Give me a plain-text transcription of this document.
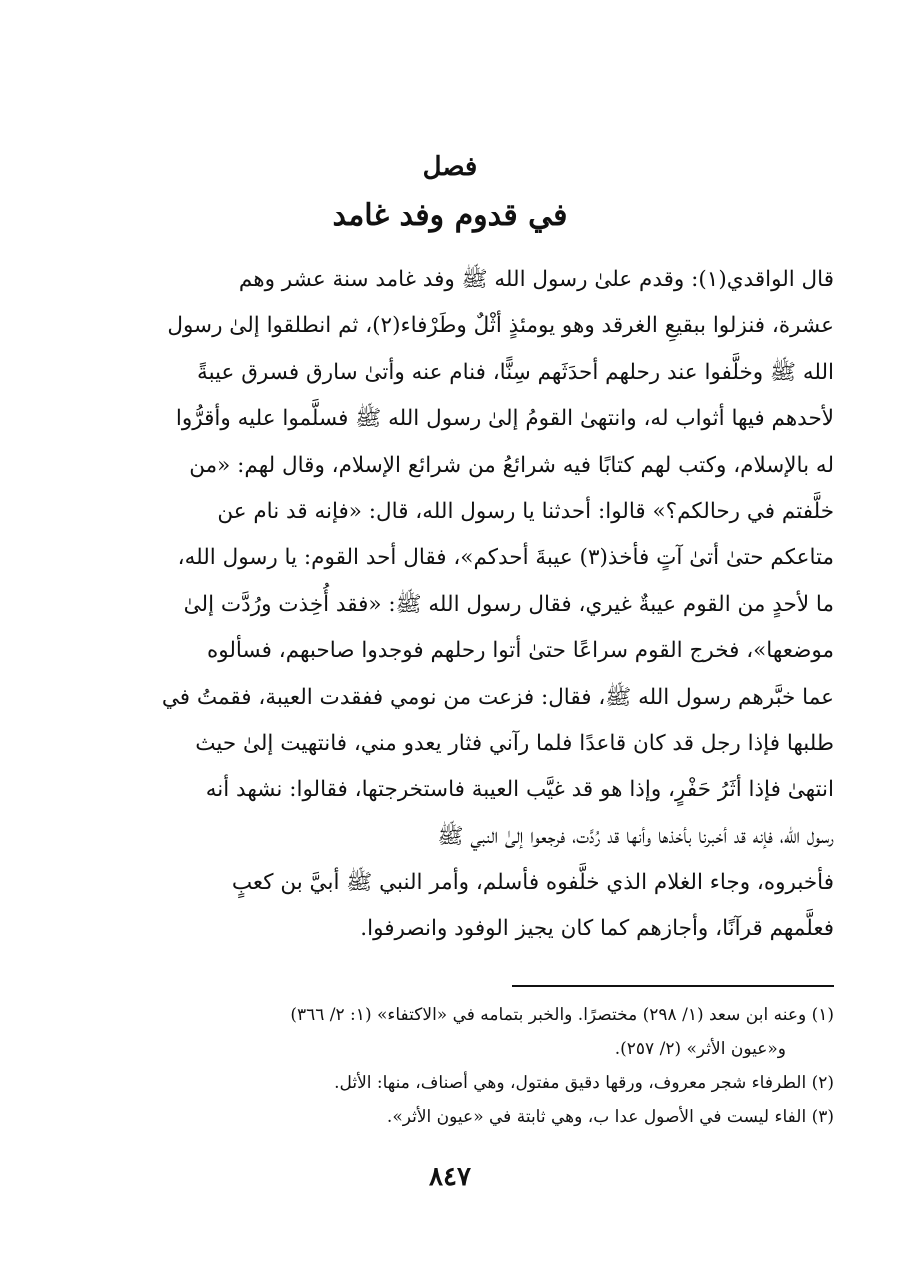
فصل
في قدوم وفد غامد
قال الواقدي(١): وقدم علىٰ رسول الله ﷺ وفد غامد سنة عشر وهم
عشرة، فنزلوا ببقيعِ الغرقد وهو يومئذٍ أثْلٌ وطَرْفاء(٢)، ثم انطلقوا إلىٰ رسول
الله ﷺ وخلَّفوا عند رحلهم أحدَثَهم سِنًّا، فنام عنه وأتىٰ سارق فسرق عيبةً
لأحدهم فيها أثواب له، وانتهىٰ القومُ إلىٰ رسول الله ﷺ فسلَّموا عليه وأقرُّوا
له بالإسلام، وكتب لهم كتابًا فيه شرائعُ من شرائع الإسلام، وقال لهم: «من
خلَّفتم في رحالكم؟» قالوا: أحدثنا يا رسول الله، قال: «فإنه قد نام عن
متاعكم حتىٰ أتىٰ آتٍ فأخذ(٣) عيبةَ أحدكم»، فقال أحد القوم: يا رسول الله،
ما لأحدٍ من القوم عيبةٌ غيري، فقال رسول الله ﷺ: «فقد أُخِذت ورُدَّت إلىٰ
موضعها»، فخرج القوم سراعًا حتىٰ أتوا رحلهم فوجدوا صاحبهم، فسألوه
عما خبَّرهم رسول الله ﷺ، فقال: فزعت من نومي ففقدت العيبة، فقمتُ في
طلبها فإذا رجل قد كان قاعدًا فلما رآني فثار يعدو مني، فانتهيت إلىٰ حيث
انتهىٰ فإذا أثَرُ حَفْرٍ، وإذا هو قد غيَّب العيبة فاستخرجتها، فقالوا: نشهد أنه
رسول الله، فإنه قد أخبرنا بأخذها وأنها قد رُدَّت، فرجعوا إلىٰ النبي ﷺ
فأخبروه، وجاء الغلام الذي خلَّفوه فأسلم، وأمر النبي ﷺ أبيَّ بن كعبٍ
فعلَّمهم قرآنًا، وأجازهم كما كان يجيز الوفود وانصرفوا.
(١) وعنه ابن سعد (١/ ٢٩٨) مختصرًا. والخبر بتمامه في «الاكتفاء» (١: ٢/ ٣٦٦)
و«عيون الأثر» (٢/ ٢٥٧).
(٢) الطرفاء شجر معروف، ورقها دقيق مفتول، وهي أصناف، منها: الأثل.
(٣) الفاء ليست في الأصول عدا ب، وهي ثابتة في «عيون الأثر».
٨٤٧
